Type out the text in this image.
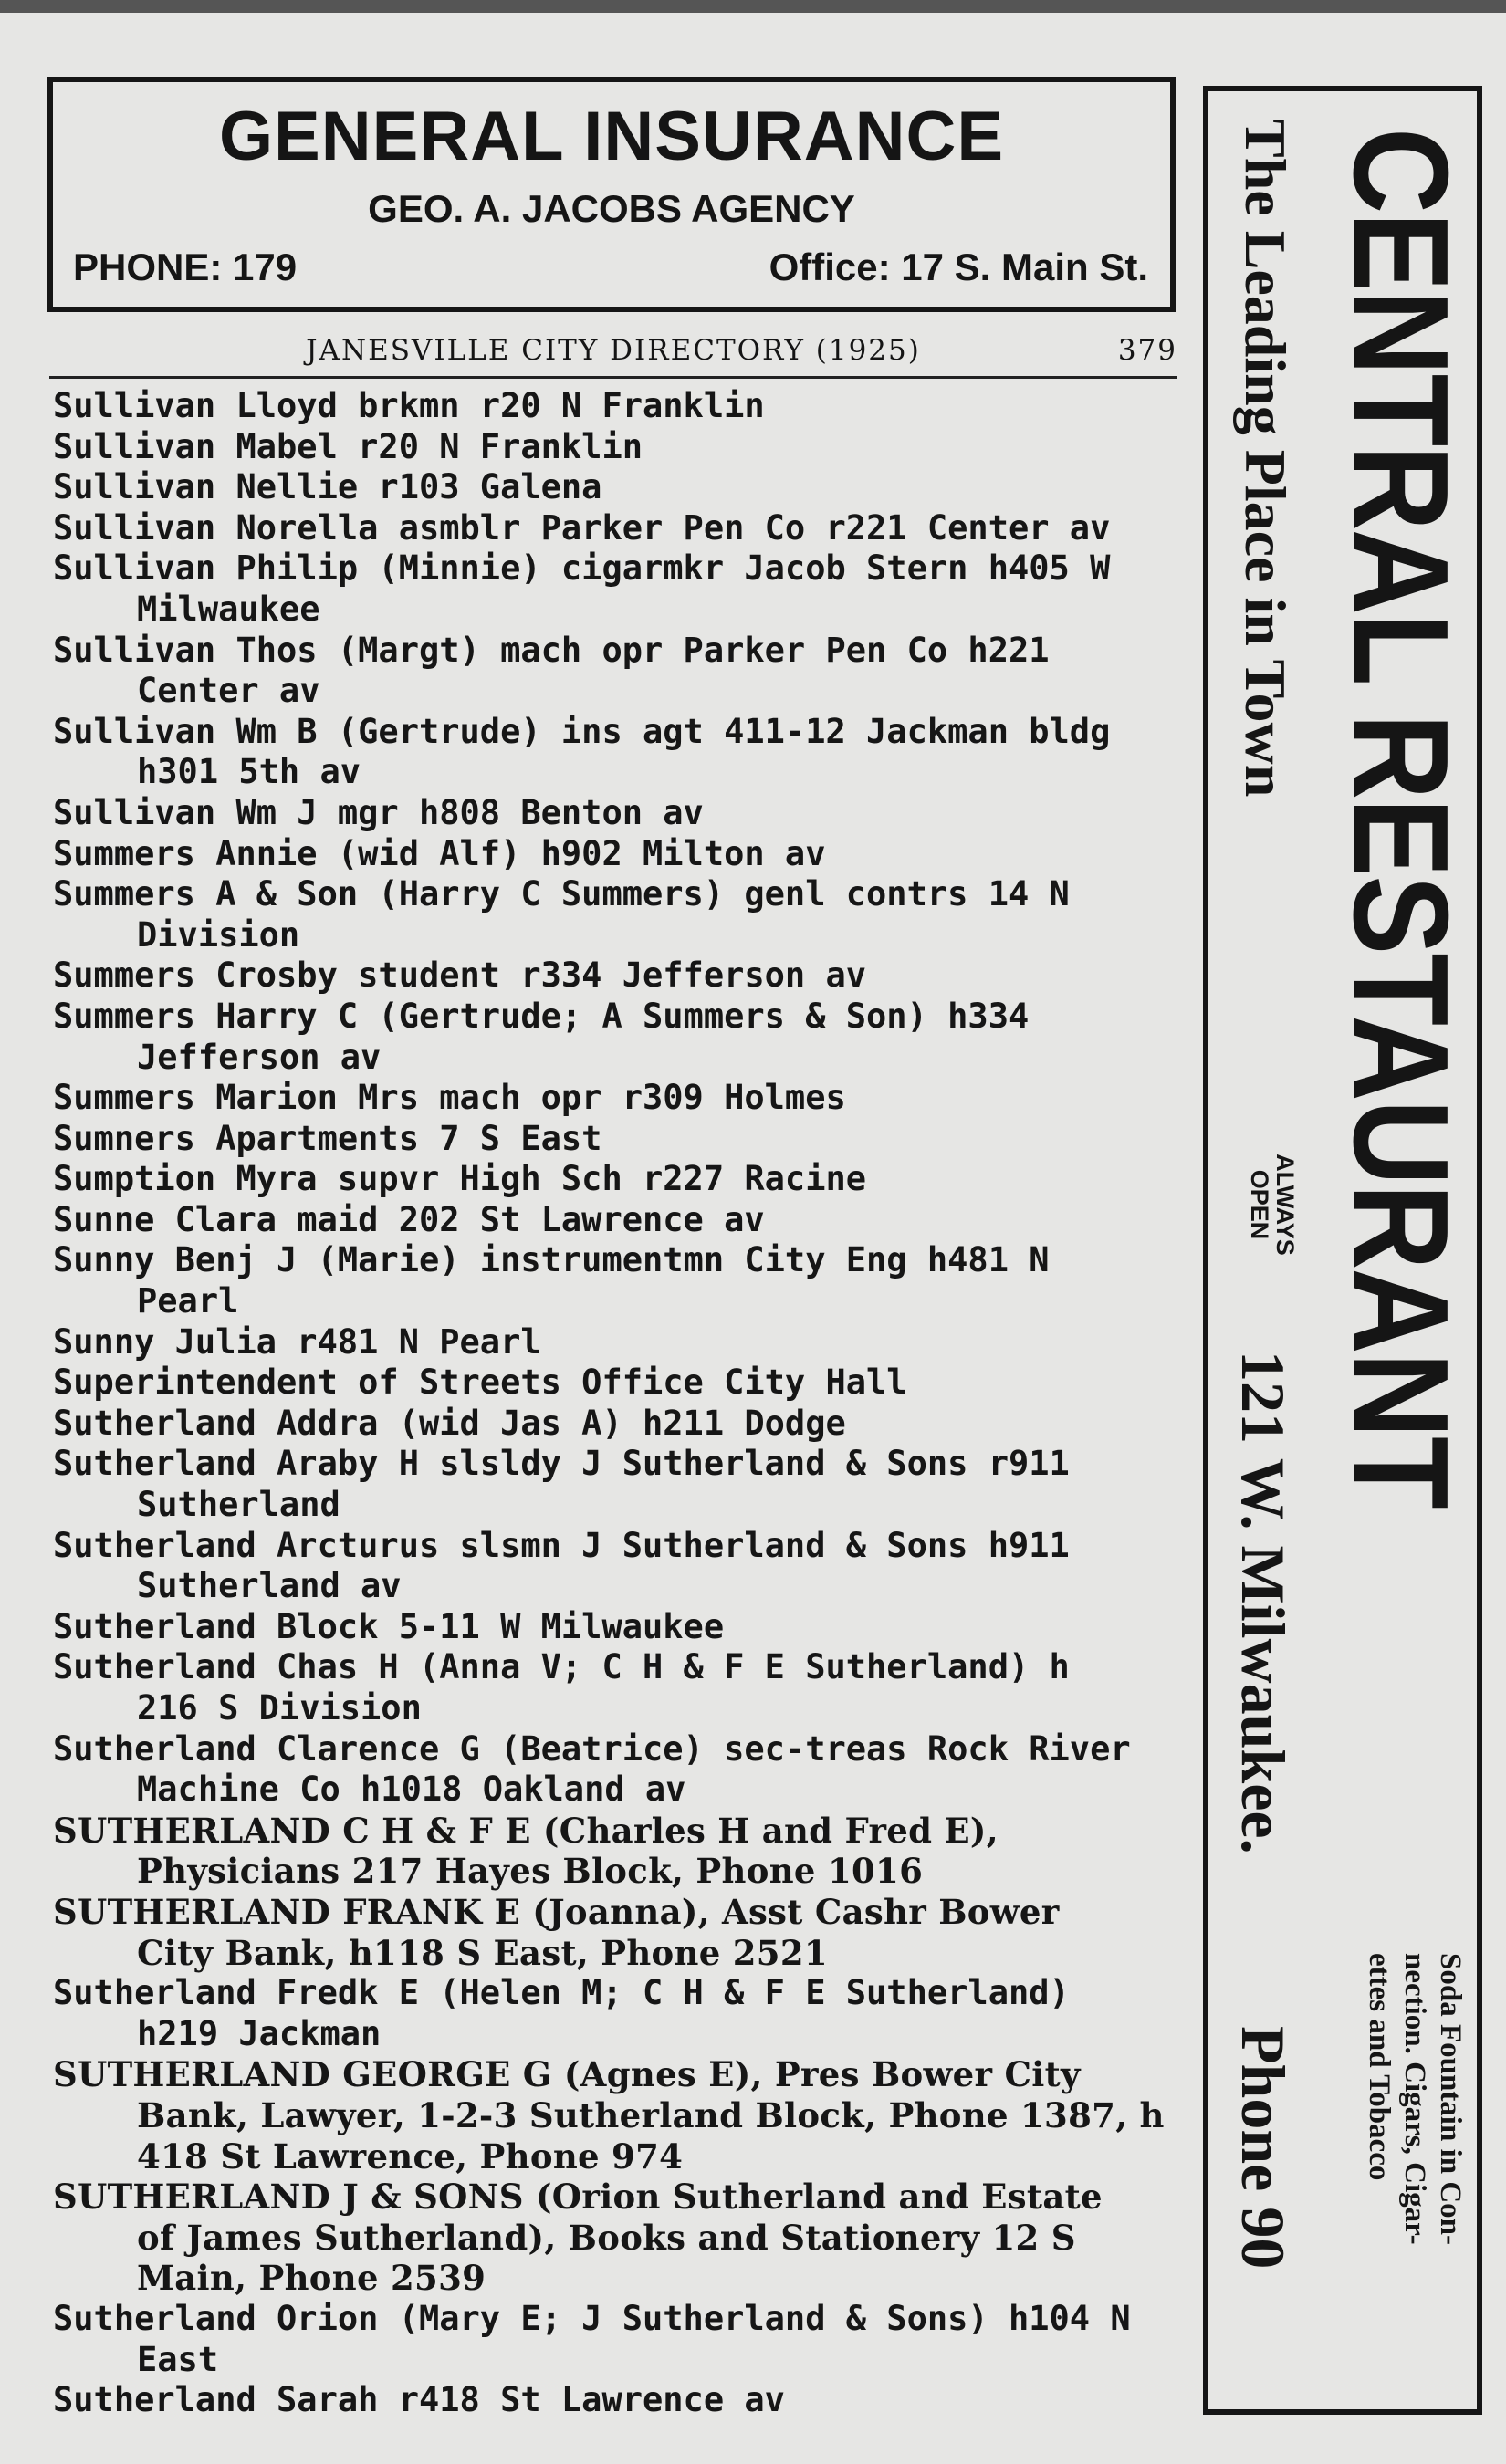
GENERAL INSURANCE
GEO. A. JACOBS AGENCY
PHONE: 179	Office: 17 S. Main St.
JANESVILLE CITY DIRECTORY (1925)	379
Sullivan Lloyd brkmn r20 N Franklin
Sullivan Mabel r20 N Franklin
Sullivan Nellie r103 Galena
Sullivan Norella asmblr Parker Pen Co r221 Center av
Sullivan Philip (Minnie) cigarmkr Jacob Stern h405 W
Milwaukee
Sullivan Thos (Margt) mach opr Parker Pen Co h221
Center av
Sullivan Wm B (Gertrude) ins agt 411-12 Jackman bldg
h301 5th av
Sullivan Wm J mgr h808 Benton av
Summers Annie (wid Alf) h902 Milton av
Summers A & Son (Harry C Summers) genl contrs 14 N
Division
Summers Crosby student r334 Jefferson av
Summers Harry C (Gertrude; A Summers & Son) h334
Jefferson av
Summers Marion Mrs mach opr r309 Holmes
Sumners Apartments 7 S East
Sumption Myra supvr High Sch r227 Racine
Sunne Clara maid 202 St Lawrence av
Sunny Benj J (Marie) instrumentmn City Eng h481 N
Pearl
Sunny Julia r481 N Pearl
Superintendent of Streets Office City Hall
Sutherland Addra (wid Jas A) h211 Dodge
Sutherland Araby H slsldy J Sutherland & Sons r911
Sutherland
Sutherland Arcturus slsmn J Sutherland & Sons h911
Sutherland av
Sutherland Block 5-11 W Milwaukee
Sutherland Chas H (Anna V; C H & F E Sutherland) h
216 S Division
Sutherland Clarence G (Beatrice) sec-treas Rock River
Machine Co h1018 Oakland av
SUTHERLAND C H & F E (Charles H and Fred E),
Physicians 217 Hayes Block, Phone 1016
SUTHERLAND FRANK E (Joanna), Asst Cashr Bower
City Bank, h118 S East, Phone 2521
Sutherland Fredk E (Helen M; C H & F E Sutherland)
h219 Jackman
SUTHERLAND GEORGE G (Agnes E), Pres Bower City
Bank, Lawyer, 1-2-3 Sutherland Block, Phone 1387, h
418 St Lawrence, Phone 974
SUTHERLAND J & SONS (Orion Sutherland and Estate
of James Sutherland), Books and Stationery 12 S
Main, Phone 2539
Sutherland Orion (Mary E; J Sutherland & Sons) h104 N
East
Sutherland Sarah r418 St Lawrence av
CENTRAL RESTAURANT
The Leading Place in Town
ALWAYS
OPEN
121 W. Milwaukee.
Phone 90	Soda Fountain in Con-
nection. Cigars, Cigar-
ettes and Tobacco
